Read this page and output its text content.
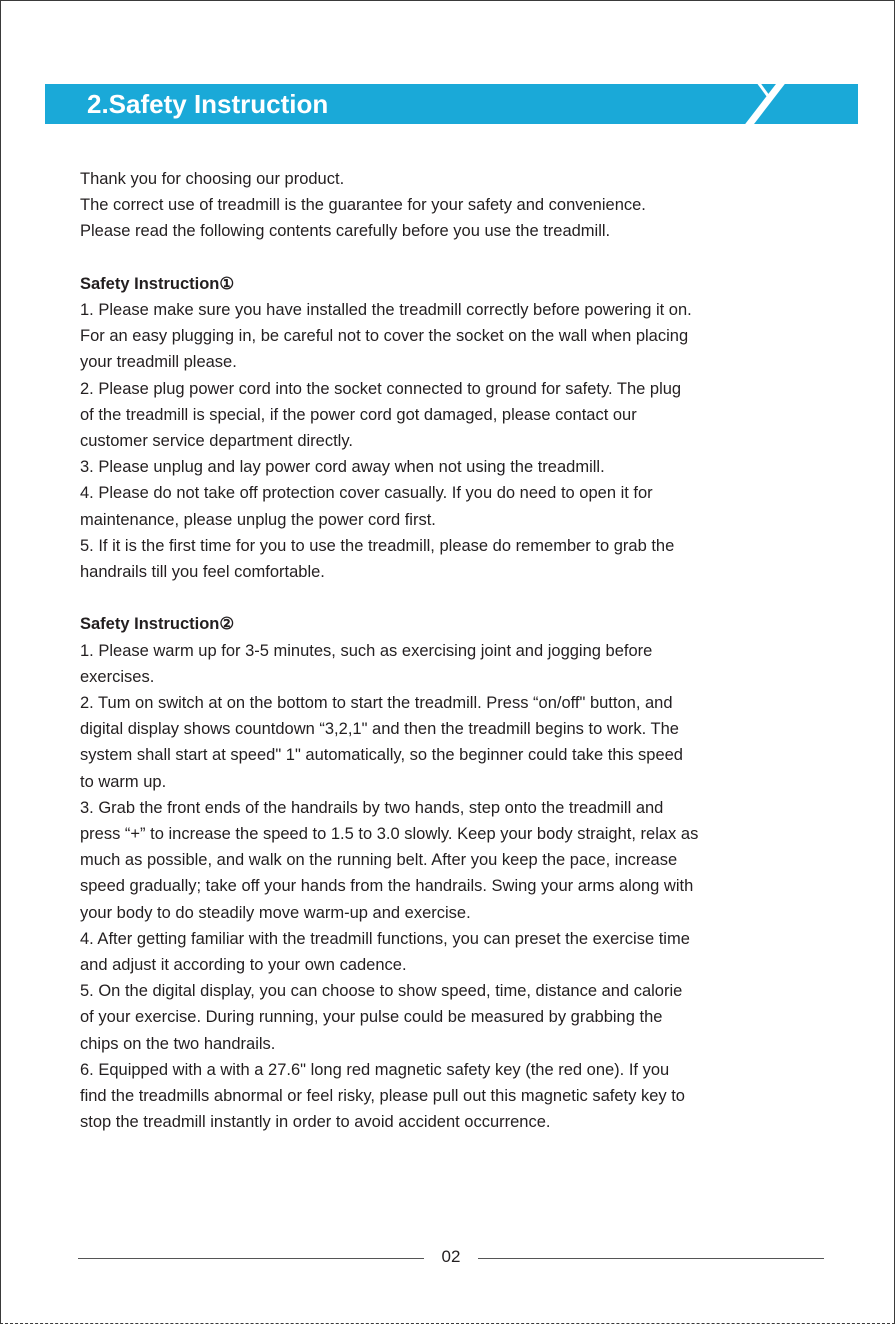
2.Safety Instruction

Thank you for choosing our product.

The correct use of treadmill is the guarantee for your safety and convenience.

Please read the following contents carefully before you use the treadmill.

Safety Instruction①

1. Please make sure you have installed the treadmill correctly before powering it on.

For an easy plugging in, be careful not to cover the socket on the wall when placing

your treadmill please.

2. Please plug power cord into the socket connected to ground for safety. The plug

of the treadmill is special, if the power cord got damaged, please contact our

customer service department directly.

3. Please unplug and lay power cord away when not using the treadmill.

4. Please do not take off protection cover casually. If you do need to open it for

maintenance, please unplug the power cord first.

5. If it is the first time for you to use the treadmill, please do remember to grab the

handrails till you feel comfortable.

Safety Instruction②

1. Please warm up for 3-5 minutes, such as exercising joint and jogging before

exercises.

2. Tum on switch at on the bottom to start the treadmill. Press “on/off" button, and

digital display shows countdown “3,2,1" and then the treadmill begins to work. The

system shall start at speed" 1" automatically, so the beginner could take this speed

to warm up.

3. Grab the front ends of the handrails by two hands, step onto the treadmill and

press “+” to increase the speed to 1.5 to 3.0 slowly. Keep your body straight, relax as

much as possible, and walk on the running belt. After you keep the pace, increase

speed gradually; take off your hands from the handrails. Swing your arms along with

your body to do steadily move warm-up and exercise.

4. After getting familiar with the treadmill functions, you can preset the exercise time

and adjust it according to your own cadence.

5. On the digital display, you can choose to show speed, time, distance and calorie

of your exercise. During running, your pulse could be measured by grabbing the

chips on the two handrails.

6. Equipped with a with a 27.6" long red magnetic safety key (the red one). If you

find the treadmills abnormal or feel risky, please pull out this magnetic safety key to

stop the treadmill instantly in order to avoid accident occurrence.

02
